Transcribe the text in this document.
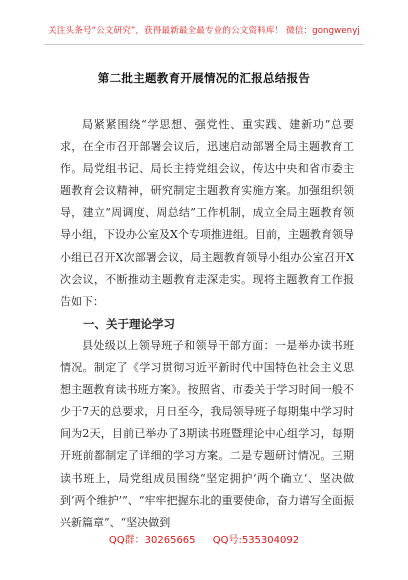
关注头条号“公文研究”，获得最新最全最专业的公文资料库！ 微信：gongwenyj
第二批主题教育开展情况的汇报总结报告

局紧紧围绕“学思想、强党性、重实践、建新功”总要求，在全市召开部署会议后，迅速启动部署全局主题教育工作。局党组书记、局长主持党组会议，传达中央和省市委主题教育会议精神，研究制定主题教育实施方案。加强组织领导，建立“周调度、周总结”工作机制，成立全局主题教育领导小组，下设办公室及X个专项推进组。目前，主题教育领导小组已召开X次部署会议，局主题教育领导小组办公室召开X次会议，不断推动主题教育走深走实。现将主题教育工作报告如下：

一、关于理论学习

县处级以上领导班子和领导干部方面：一是举办读书班情况。制定了《学习贯彻习近平新时代中国特色社会主义思想主题教育读书班方案》。按照省、市委关于学习时间一般不少于7天的总要求，月日至今，我局领导班子每期集中学习时间为2天，目前已举办了3期读书班暨理论中心组学习，每期开班前都制定了详细的学习方案。二是专题研讨情况。三期读书班上，局党组成员围绕“坚定拥护‘两个确立’、坚决做到‘两个维护’”、“牢牢把握东北的重要使命，奋力谱写全面振兴新篇章”、“坚决做到

QQ群：30265665 QQ号:535304092
